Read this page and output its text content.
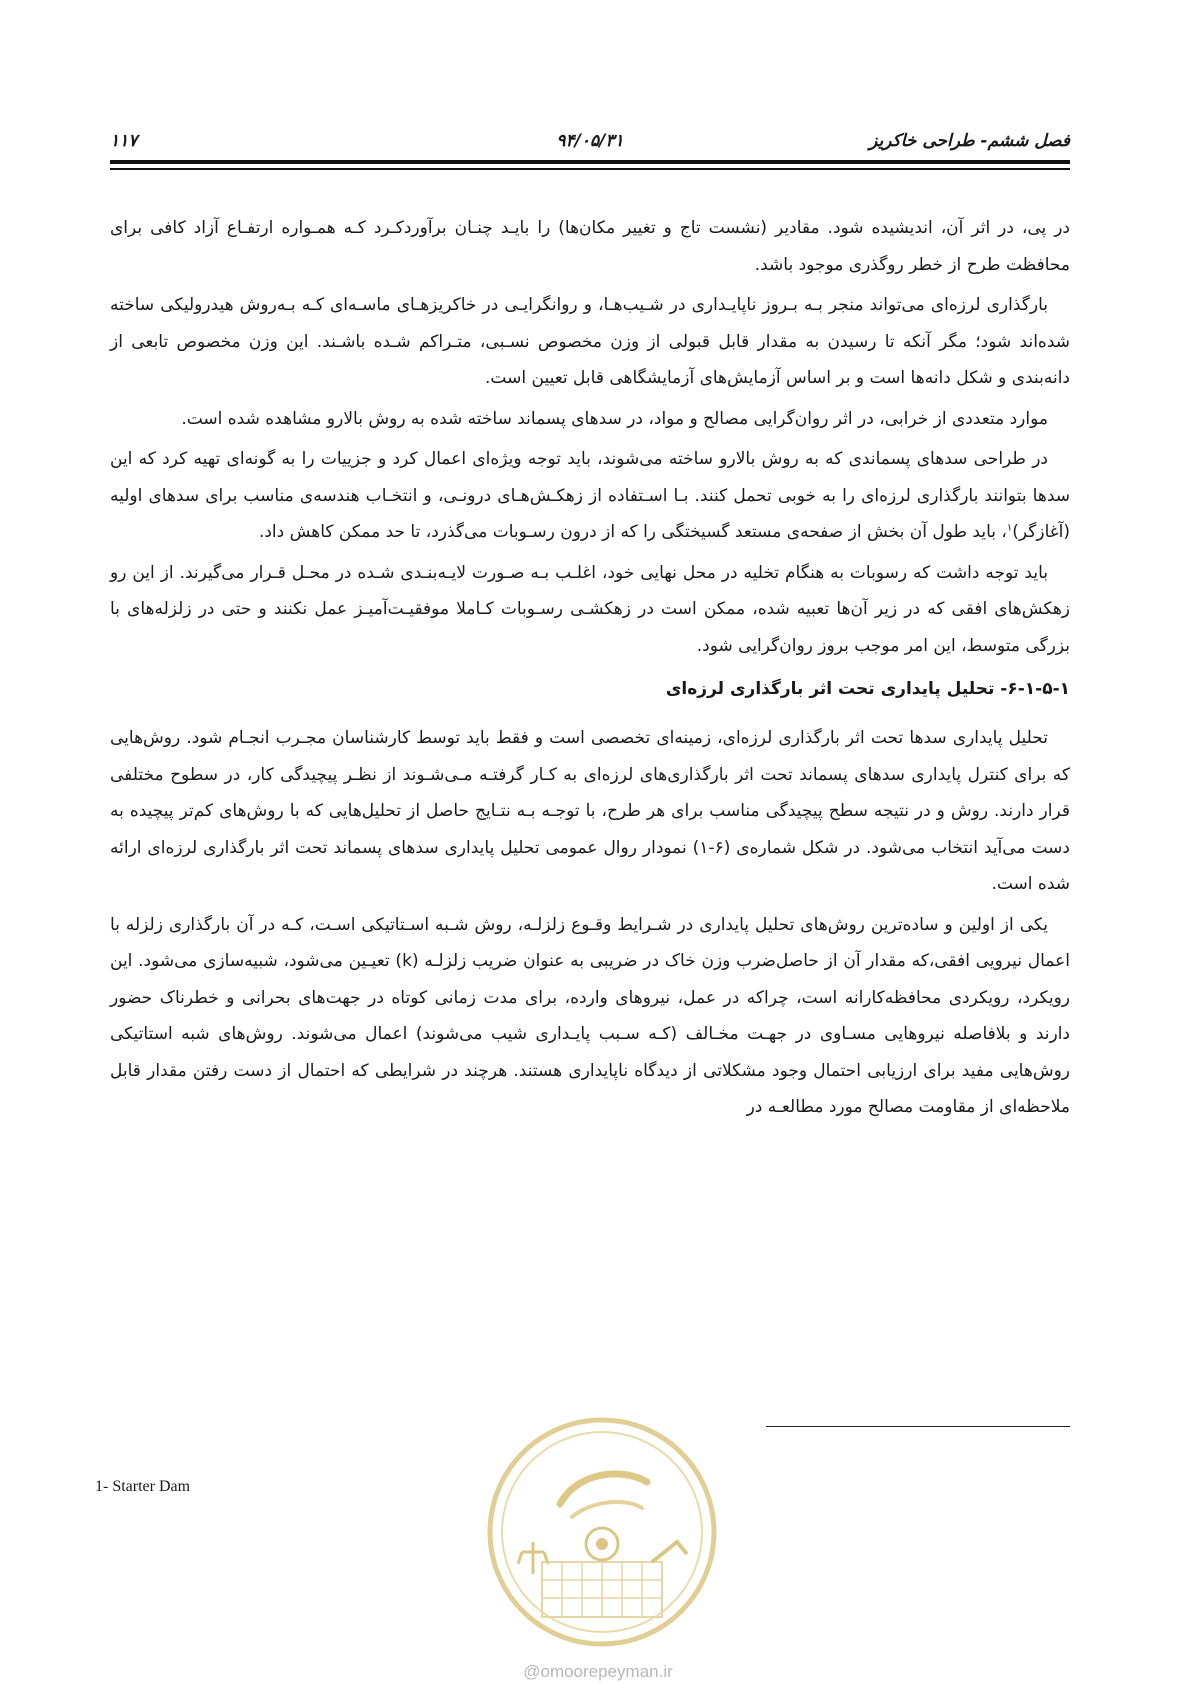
فصل ششم- طراحی خاکریز
۹۴/۰۵/۳۱
۱۱۷

در پی، در اثر آن، اندیشیده شود. مقادیر (نشست تاج و تغییر مکان‌ها) را بایـد چنـان برآوردکـرد کـه همـواره ارتفـاع آزاد کافی برای محافظت طرح از خطر روگذری موجود باشد.

بارگذاری لرزه‌ای می‌تواند منجر بـه بـروز ناپایـداری در شـیب‌هـا، و روانگرایـی در خاکریزهـای ماسـه‌ای کـه بـه‌روش هیدرولیکی ساخته شده‌اند شود؛ مگر آنکه تا رسیدن به مقدار قابل قبولی از وزن مخصوص نسـبی، متـراکم شـده باشـند. این وزن مخصوص تابعی از دانه‌بندی و شکل دانه‌ها است و بر اساس آزمایش‌های آزمایشگاهی قابل تعیین است.

موارد متعددی از خرابی، در اثر روان‌گرایی مصالح و مواد، در سدهای پسماند ساخته شده به روش بالارو مشاهده شده است.

در طراحی سدهای پسماندی که به روش بالارو ساخته می‌شوند، باید توجه ویژه‌ای اعمال کرد و جزییات را به گونه‌ای تهیه کرد که این سدها بتوانند بارگذاری لرزه‌ای را به خوبی تحمل کنند. بـا اسـتفاده از زهکـش‌هـای درونـی، و انتخـاب هندسه‌ی مناسب برای سدهای اولیه (آغازگر)$^۱$، باید طول آن بخش از صفحه‌ی مستعد گسیختگی را که از درون رسـوبات می‌گذرد، تا حد ممکن کاهش داد.

باید توجه داشت که رسوبات به هنگام تخلیه در محل نهایی خود، اغلـب بـه صـورت لایـه‌بنـدی شـده در محـل قـرار می‌گیرند. از این رو زهکش‌های افقی که در زیر آن‌ها تعبیه شده، ممکن است در زهکشـی رسـوبات کـاملا موفقیـت‌آمیـز عمل نکنند و حتی در زلزله‌های با بزرگی متوسط، این امر موجب بروز روان‌گرایی شود.

۶-۱-۵-۱- تحلیل پایداری تحت اثر بارگذاری لرزه‌ای

تحلیل پایداری سدها تحت اثر بارگذاری لرزه‌ای، زمینه‌ای تخصصی است و فقط باید توسط کارشناسان مجـرب انجـام شود. روش‌هایی که برای کنترل پایداری سدهای پسماند تحت اثر بارگذاری‌های لرزه‌ای به کـار گرفتـه مـی‌شـوند از نظـر پیچیدگی کار، در سطوح مختلفی قرار دارند. روش و در نتیجه سطح پیچیدگی مناسب برای هر طرح، با توجـه بـه نتـایج حاصل از تحلیل‌هایی که با روش‌های کم‌تر پیچیده به دست می‌آید انتخاب می‌شود. در شکل شماره‌ی (۶-۱) نمودار روال عمومی تحلیل پایداری سدهای پسماند تحت اثر بارگذاری لرزه‌ای ارائه شده است.

یکی از اولین و ساده‌ترین روش‌های تحلیل پایداری در شـرایط وقـوع زلزلـه، روش شـبه اسـتاتیکی اسـت، کـه در آن بارگذاری زلزله با اعمال نیرویی افقی،که مقدار آن از حاصل‌ضرب وزن خاک در ضریبی به عنوان ضریب زلزلـه (k) تعیـین می‌شود، شبیه‌سازی می‌شود. این رویکرد، رویکردی محافظه‌کارانه است، چراکه در عمل، نیروهای وارده، برای مدت زمانی کوتاه در جهت‌های بحرانی و خطرناک حضور دارند و بلافاصله نیروهایی مسـاوی در جهـت مخـالف (کـه سـبب پایـداری شیب می‌شوند) اعمال می‌شوند. روش‌های شبه استاتیکی روش‌هایی مفید برای ارزیابی احتمال وجود مشکلاتی از دیدگاه ناپایداری هستند. هرچند در شرایطی که احتمال از دست رفتن مقدار قابل ملاحظه‌ای از مقاومت مصالح مورد مطالعـه در

1- Starter Dam
@omoorepeyman.ir
